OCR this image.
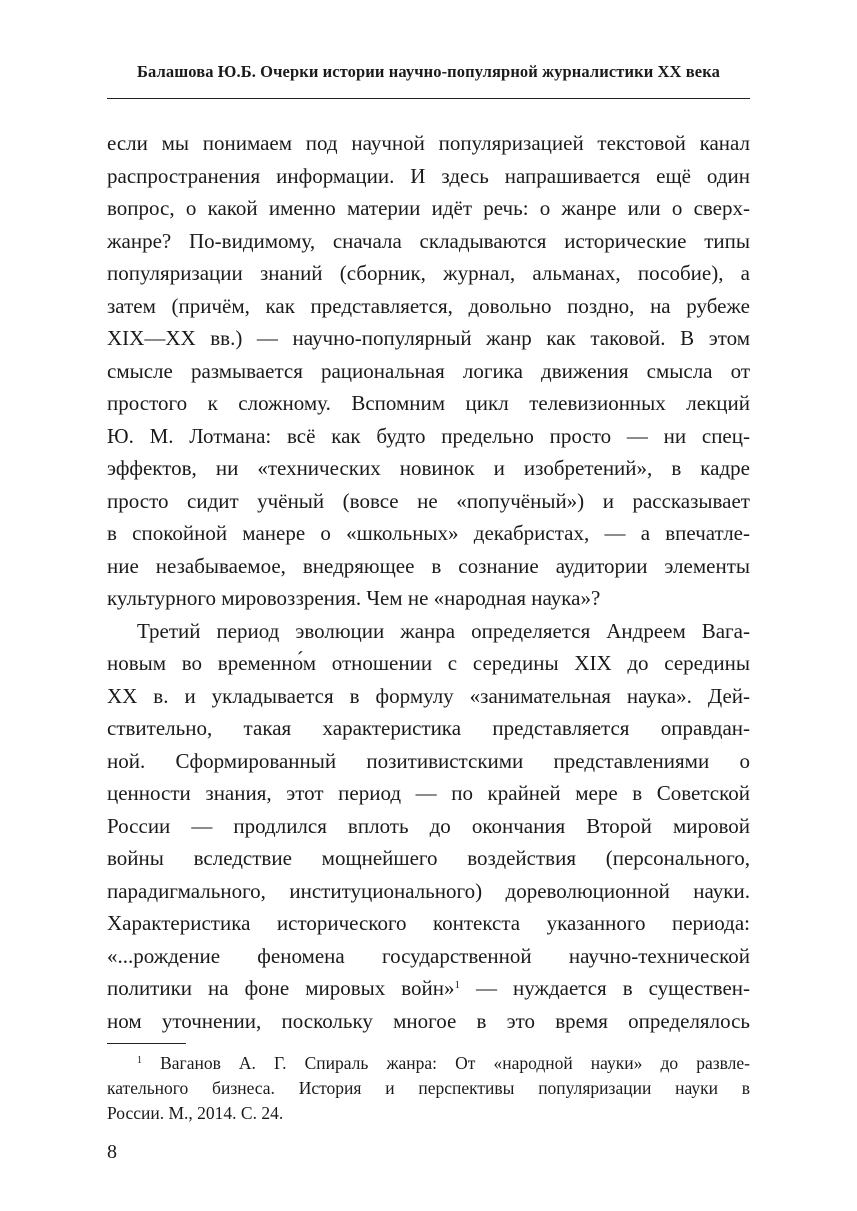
Балашова Ю.Б. Очерки истории научно-популярной журналистики XX века
если мы понимаем под научной популяризацией текстовой канал
распространения информации. И здесь напрашивается ещё один
вопрос, о какой именно материи идёт речь: о жанре или о сверх-
жанре? По-видимому, сначала складываются исторические типы
популяризации знаний (сборник, журнал, альманах, пособие), а
затем (причём, как представляется, довольно поздно, на рубеже
XIX—XX вв.) — научно-популярный жанр как таковой. В этом
смысле размывается рациональная логика движения смысла от
простого к сложному. Вспомним цикл телевизионных лекций
Ю. М. Лотмана: всё как будто предельно просто — ни спец-
эффектов, ни «технических новинок и изобретений», в кадре
просто сидит учёный (вовсе не «попучёный») и рассказывает
в спокойной манере о «школьных» декабристах, — а впечатле-
ние незабываемое, внедряющее в сознание аудитории элементы
культурного мировоззрения. Чем не «народная наука»?
Третий период эволюции жанра определяется Андреем Вага-
новым во временно́м отношении с середины XIX до середины
XX в. и укладывается в формулу «занимательная наука». Дей-
ствительно, такая характеристика представляется оправдан-
ной. Сформированный позитивистскими представлениями о
ценности знания, этот период — по крайней мере в Советской
России — продлился вплоть до окончания Второй мировой
войны вследствие мощнейшего воздействия (персонального,
парадигмального, институционального) дореволюционной науки.
Характеристика исторического контекста указанного периода:
«...рождение феномена государственной научно-технической
политики на фоне мировых войн»$^1$ — нуждается в существен-
ном уточнении, поскольку многое в это время определялось
$^1$ Ваганов А. Г. Спираль жанра: От «народной науки» до развле-
кательного бизнеса. История и перспективы популяризации науки в
России. М., 2014. С. 24.
8
